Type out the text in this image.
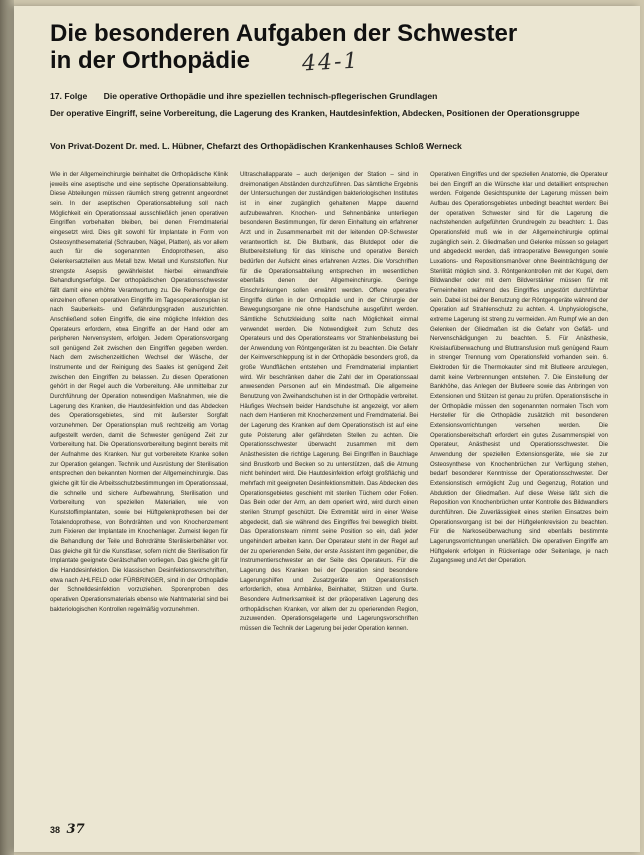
Die besonderen Aufgaben der Schwester
in der Orthopädie	44-1
17. Folge Die operative Orthopädie und ihre speziellen technisch-pflegerischen Grundlagen
Der operative Eingriff, seine Vorbereitung, die Lagerung des Kranken, Hautdesinfektion, Abdecken, Positionen der Operationsgruppe
Von Privat-Dozent Dr. med. L. Hübner, Chefarzt des Orthopädischen Krankenhauses Schloß Werneck

Wie in der Allgemeinchirurgie beinhaltet die Orthopädische Klinik jeweils eine aseptische und eine septische Operationsabteilung. Diese Abteilungen müssen räumlich streng getrennt angeordnet sein. In der aseptischen Operationsabteilung soll nach Möglichkeit ein Operationssaal ausschließlich jenen operativen Eingriffen vorbehalten bleiben, bei denen Fremdmaterial eingesetzt wird. Dies gilt sowohl für Implantate in Form von Osteosynthesematerial (Schrauben, Nägel, Platten), als vor allem auch für die sogenannten Endoprothesen, also Gelenkersatzteilen aus Metall bzw. Metall und Kunststoffen. Nur strengste Asepsis gewährleistet hierbei einwandfreie Behandlungserfolge. Der orthopädischen Operationsschwester fällt damit eine erhöhte Verantwortung zu. Die Reihenfolge der einzelnen offenen operativen Eingriffe im Tagesoperationsplan ist nach Sauberkeits- und Gefährdungsgraden auszurichten. Anschließend sollen Eingriffe, die eine mögliche Infektion des Operateurs erfordern, etwa Eingriffe an der Hand oder am peripheren Nervensystem, erfolgen. Jedem Operationsvorgang soll genügend Zeit zwischen den Eingriffen gegeben werden. Nach dem zwischenzeitlichen Wechsel der Wäsche, der Instrumente und der Reinigung des Saales ist genügend Zeit zwischen den Eingriffen zu belassen. Zu diesen Operationen gehört in der Regel auch die Vorbereitung. Alle unmittelbar zur Durchführung der Operation notwendigen Maßnahmen, wie die Lagerung des Kranken, die Hautdesinfektion und das Abdecken des Operationsgebietes, sind mit äußerster Sorgfalt vorzunehmen. Der Operationsplan muß rechtzeitig am Vortag aufgestellt werden, damit die Schwester genügend Zeit zur Vorbereitung hat. Die Operationsvorbereitung beginnt bereits mit der Aufnahme des Kranken. Nur gut vorbereitete Kranke sollen zur Operation gelangen. Technik und Ausrüstung der Sterilisation entsprechen den bekannten Normen der Allgemeinchirurgie. Das gleiche gilt für die Arbeitsschutzbestimmungen im Operationssaal, die schnelle und sichere Aufbewahrung, Sterilisation und Vorbereitung von speziellen Materialien, wie von Kunststoffimplantaten, sowie bei Hüftgelenkprothesen bei der Totalendoprothese, von Bohrdrähten und von Knochenzement zum Fixieren der Implantate im Knochenlager. Zumeist liegen für die Behandlung der Teile und Bohrdrähte Sterilisierbehälter vor. Das gleiche gilt für die Kunstfaser, sofern nicht die Sterilisation für Implantate geeignete Gerätschaften vorliegen. Das gleiche gilt für die Handdesinfektion. Die klassischen Desinfektionsvorschriften, etwa nach AHLFELD oder FÜRBRINGER, sind in der Orthopädie der Schnelldesinfektion vorzuziehen. Sporenproben des operativen Operationsmaterials ebenso wie Nahtmaterial sind bei bakteriologischen Kontrollen regelmäßig vorzunehmen.

Ultraschallapparate – auch derjenigen der Station – sind in dreimonatigen Abständen durchzuführen. Das sämtliche Ergebnis der Untersuchungen der zuständigen bakteriologischen Institutes ist in einer zugänglich gehaltenen Mappe dauernd aufzubewahren. Knochen- und Sehnenbänke unterliegen besonderen Bestimmungen, für deren Einhaltung ein erfahrener Arzt und in Zusammenarbeit mit der leitenden OP-Schwester verantwortlich ist. Die Blutbank, das Blutdepot oder die Blutbereitstellung für das klinische und operative Bereich bedürfen der Aufsicht eines erfahrenen Arztes. Die Vorschriften für die Operationsabteilung entsprechen im wesentlichen ebenfalls denen der Allgemeinchirurgie. Geringe Einschränkungen sollen erwähnt werden. Offene operative Eingriffe dürfen in der Orthopädie und in der Chirurgie der Bewegungsorgane nie ohne Handschuhe ausgeführt werden. Sämtliche Schutzkleidung sollte nach Möglichkeit einmal verwendet werden. Die Notwendigkeit zum Schutz des Operateurs und des Operationsteams vor Strahlenbelastung bei der Anwendung von Röntgengeräten ist zu beachten. Die Gefahr der Keimverschleppung ist in der Orthopädie besonders groß, da große Wundflächen entstehen und Fremdmaterial implantiert wird. Wir beschränken daher die Zahl der im Operationssaal anwesenden Personen auf ein Mindestmaß. Die allgemeine Benutzung von Zweihandschuhen ist in der Orthopädie verbreitet. Häufiges Wechseln beider Handschuhe ist angezeigt, vor allem nach dem Hantieren mit Knochenzement und Fremdmaterial. Bei der Lagerung des Kranken auf dem Operationstisch ist auf eine gute Polsterung aller gefährdeten Stellen zu achten. Die Operationsschwester überwacht zusammen mit dem Anästhesisten die richtige Lagerung. Bei Eingriffen in Bauchlage sind Brustkorb und Becken so zu unterstützen, daß die Atmung nicht behindert wird. Die Hautdesinfektion erfolgt großflächig und mehrfach mit geeigneten Desinfektionsmitteln. Das Abdecken des Operationsgebietes geschieht mit sterilen Tüchern oder Folien. Das Bein oder der Arm, an dem operiert wird, wird durch einen sterilen Strumpf geschützt. Die Extremität wird in einer Weise abgedeckt, daß sie während des Eingriffes frei beweglich bleibt. Das Operationsteam nimmt seine Position so ein, daß jeder ungehindert arbeiten kann. Der Operateur steht in der Regel auf der zu operierenden Seite, der erste Assistent ihm gegenüber, die Instrumentierschwester an der Seite des Operateurs. Für die Lagerung des Kranken bei der Operation sind besondere Lagerungshilfen und Zusatzgeräte am Operationstisch erforderlich, etwa Armbänke, Beinhalter, Stützen und Gurte. Besondere Aufmerksamkeit ist der präoperativen Lagerung des orthopädischen Kranken, vor allem der zu operierenden Region, zuzuwenden. Operationsgelagerte und Lagerungsvorschriften müssen die Technik der Lagerung bei jeder Operation kennen.

Operativen Eingriffes und der speziellen Anatomie, die Operateur bei den Eingriff an die Wünsche klar und detailliert entsprechen werden. Folgende Gesichtspunkte der Lagerung müssen beim Aufbau des Operationsgebietes unbedingt beachtet werden: Bei der operativen Schwester sind für die Lagerung die nachstehenden aufgeführten Grundregeln zu beachten: 1. Das Operationsfeld muß wie in der Allgemeinchirurgie optimal zugänglich sein. 2. Gliedmaßen und Gelenke müssen so gelagert und abgedeckt werden, daß intraoperative Bewegungen sowie Luxations- und Repositionsmanöver ohne Beeinträchtigung der Sterilität möglich sind. 3. Röntgenkontrollen mit der Kugel, dem Bildwandler oder mit dem Bildverstärker müssen für mit Ferneinheiten während des Eingriffes ungestört durchführbar sein. Dabei ist bei der Benutzung der Röntgengeräte während der Operation auf Strahlenschutz zu achten. 4. Unphysiologische, extreme Lagerung ist streng zu vermeiden. Am Rumpf wie an den Gelenken der Gliedmaßen ist die Gefahr von Gefäß- und Nervenschädigungen zu beachten. 5. Für Anästhesie, Kreislaufüberwachung und Bluttransfusion muß genügend Raum in strenger Trennung vom Operationsfeld vorhanden sein. 6. Elektroden für die Thermokauter sind mit Blutleere anzulegen, damit keine Verbrennungen entstehen. 7. Die Einstellung der Bankhöhe, das Anlegen der Blutleere sowie das Anbringen von Extensionen und Stützen ist genau zu prüfen. Operationstische in der Orthopädie müssen den sogenannten normalen Tisch vom Hersteller für die Orthopädie zusätzlich mit besonderen Extensionsvorrichtungen versehen werden. Die Operationsbereitschaft erfordert ein gutes Zusammenspiel von Operateur, Anästhesist und Operationsschwester. Die Anwendung der speziellen Extensionsgeräte, wie sie zur Osteosynthese von Knochenbrüchen zur Verfügung stehen, bedarf besonderer Kenntnisse der Operationsschwester. Der Extensionstisch ermöglicht Zug und Gegenzug, Rotation und Abduktion der Gliedmaßen. Auf diese Weise läßt sich die Reposition von Knochenbrüchen unter Kontrolle des Bildwandlers durchführen. Die Zuverlässigkeit eines sterilen Einsatzes beim Operationsvorgang ist bei der Hüftgelenkrevision zu beachten. Für die Narkoseüberwachung sind ebenfalls bestimmte Lagerungsvorrichtungen unerläßlich. Die operativen Eingriffe am Hüftgelenk erfolgen in Rückenlage oder Seitenlage, je nach Zugangsweg und Art der Operation.

38 37
